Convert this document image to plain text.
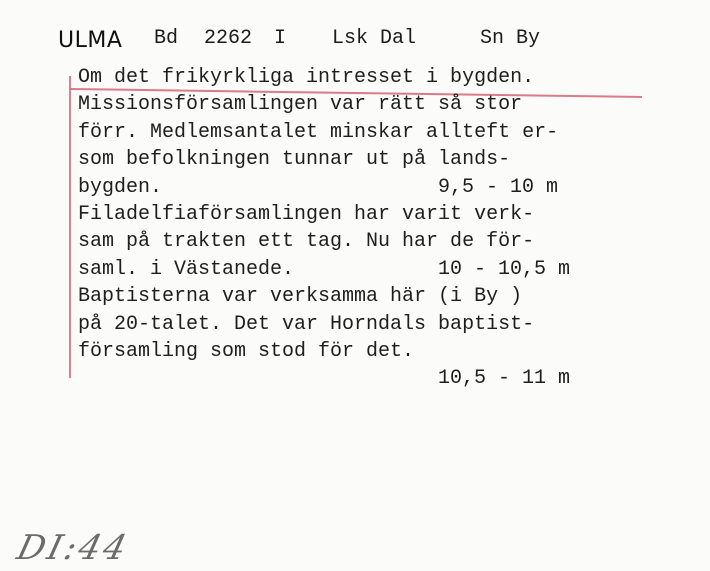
ULMA Bd 2262 I Lsk Dal	Sn By
Om det frikyrkliga intresset i bygden.
Missionsförsamlingen var rätt så stor
förr. Medlemsantalet minskar allteft er-
som befolkningen tunnar ut på lands-
bygden.	9,5 - 10 m
Filadelfiaförsamlingen har varit verk-
sam på trakten ett tag. Nu har de för-
saml. i Västanede.	10 - 10,5 m
Baptisterna var verksamma här (i By )
på 20-talet. Det var Horndals baptist-
församling som stod för det.
10,5 - 11 m
DI:44
